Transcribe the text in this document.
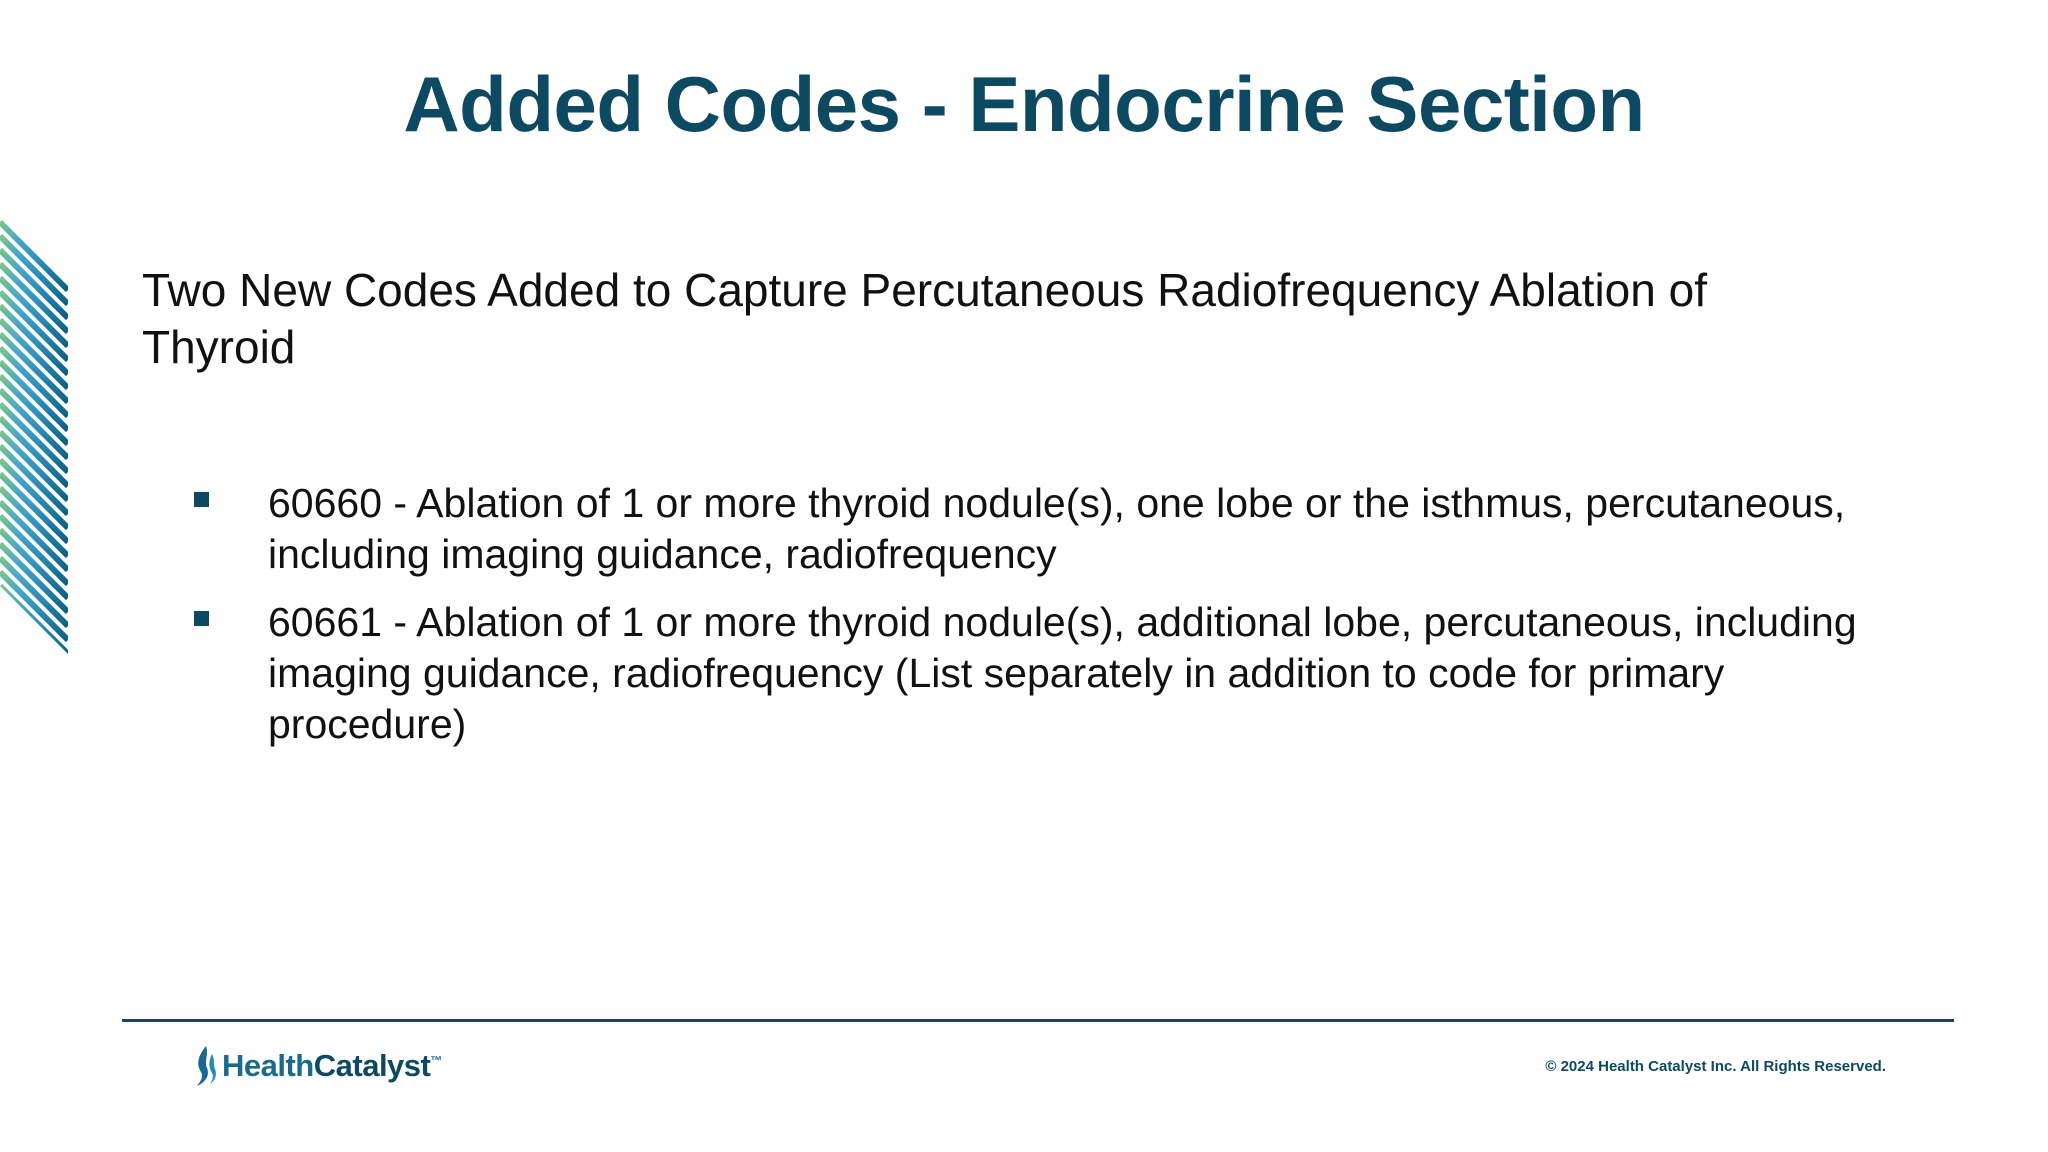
Added Codes - Endocrine Section
Two New Codes Added to Capture Percutaneous Radiofrequency Ablation of Thyroid
60660 - Ablation of 1 or more thyroid nodule(s), one lobe or the isthmus, percutaneous, including imaging guidance, radiofrequency
60661 - Ablation of 1 or more thyroid nodule(s), additional lobe, percutaneous, including imaging guidance, radiofrequency (List separately in addition to code for primary procedure)
HealthCatalyst™	© 2024 Health Catalyst Inc. All Rights Reserved.
